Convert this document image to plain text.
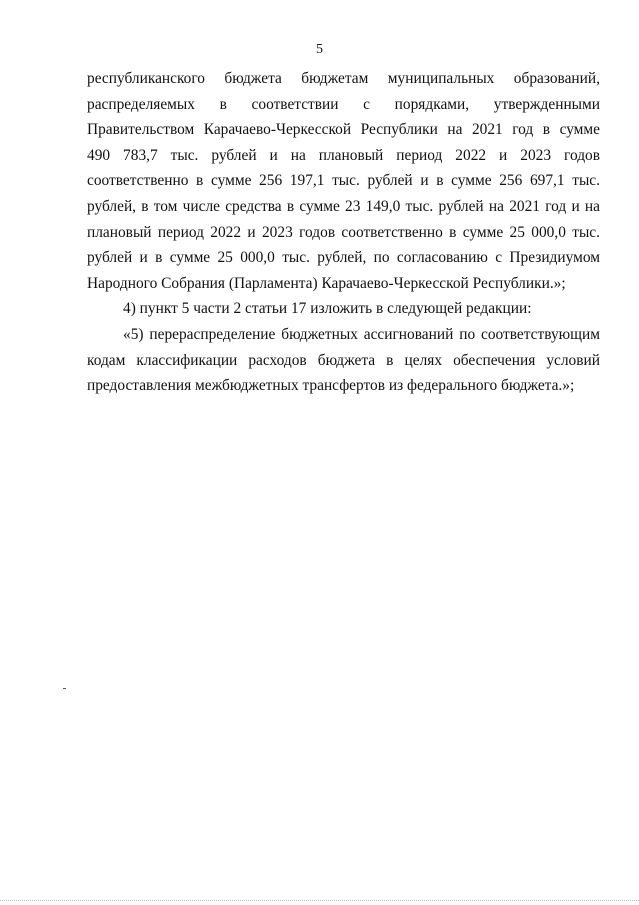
5
республиканского бюджета бюджетам муниципальных образований,
распределяемых в соответствии с порядками, утвержденными
Правительством Карачаево-Черкесской Республики на 2021 год в сумме
490 783,7 тыс. рублей и на плановый период 2022 и 2023 годов
соответственно в сумме 256 197,1 тыс. рублей и в сумме 256 697,1 тыс.
рублей, в том числе средства в сумме 23 149,0 тыс. рублей на 2021 год и на
плановый период 2022 и 2023 годов соответственно в сумме 25 000,0 тыс.
рублей и в сумме 25 000,0 тыс. рублей, по согласованию с Президиумом
Народного Собрания (Парламента) Карачаево-Черкесской Республики.»;
4) пункт 5 части 2 статьи 17 изложить в следующей редакции:
«5) перераспределение бюджетных ассигнований по соответствующим
кодам классификации расходов бюджета в целях обеспечения условий
предоставления межбюджетных трансфертов из федерального бюджета.»;
